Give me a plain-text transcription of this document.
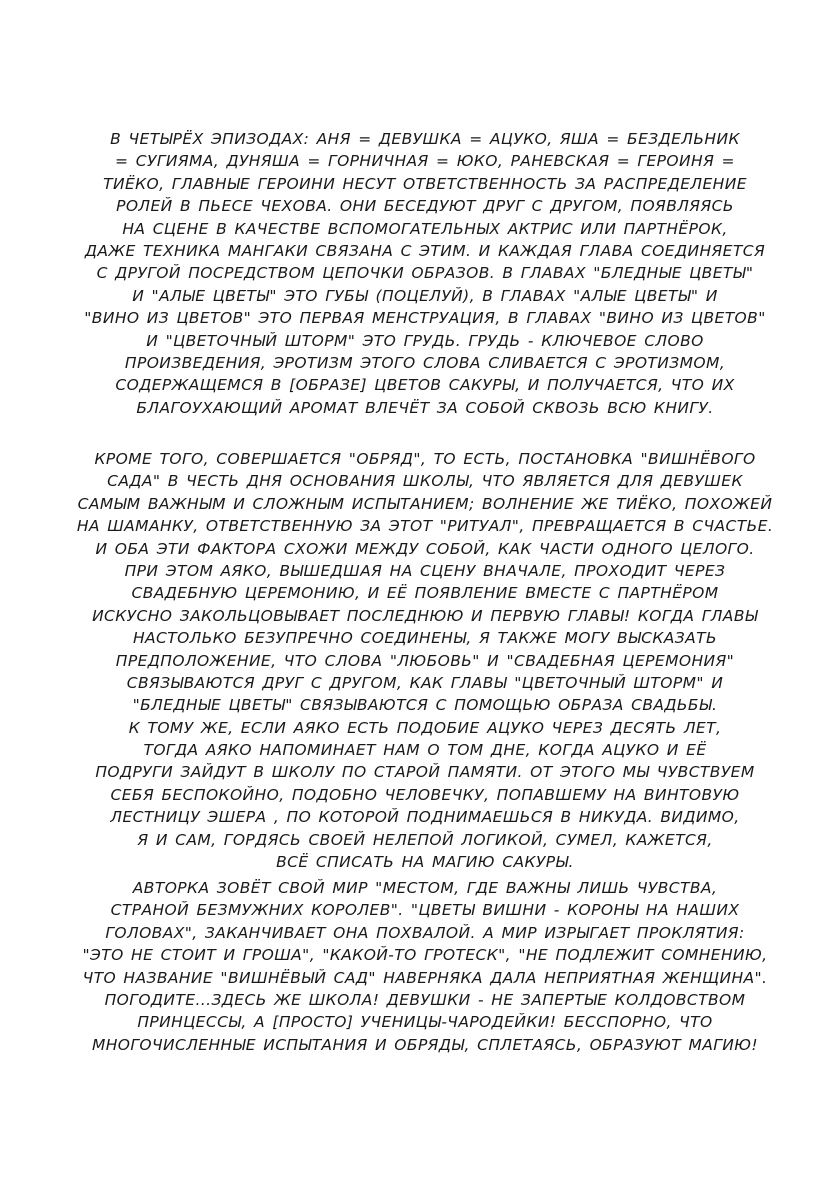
В ЧЕТЫРЁХ ЭПИЗОДАХ: АНЯ = ДЕВУШКА = АЦУКО, ЯША = БЕЗДЕЛЬНИК
= СУГИЯМА, ДУНЯША = ГОРНИЧНАЯ = ЮКО, РАНЕВСКАЯ = ГЕРОИНЯ =
ТИЁКО, ГЛАВНЫЕ ГЕРОИНИ НЕСУТ ОТВЕТСТВЕННОСТЬ ЗА РАСПРЕДЕЛЕНИЕ
РОЛЕЙ В ПЬЕСЕ ЧЕХОВА. ОНИ БЕСЕДУЮТ ДРУГ С ДРУГОМ, ПОЯВЛЯЯСЬ
НА СЦЕНЕ В КАЧЕСТВЕ ВСПОМОГАТЕЛЬНЫХ АКТРИС ИЛИ ПАРТНЁРОК,
ДАЖЕ ТЕХНИКА МАНГАКИ СВЯЗАНА С ЭТИМ. И КАЖДАЯ ГЛАВА СОЕДИНЯЕТСЯ
С ДРУГОЙ ПОСРЕДСТВОМ ЦЕПОЧКИ ОБРАЗОВ. В ГЛАВАХ "БЛЕДНЫЕ ЦВЕТЫ"
И "АЛЫЕ ЦВЕТЫ" ЭТО ГУБЫ (ПОЦЕЛУЙ), В ГЛАВАХ "АЛЫЕ ЦВЕТЫ" И
"ВИНО ИЗ ЦВЕТОВ" ЭТО ПЕРВАЯ МЕНСТРУАЦИЯ, В ГЛАВАХ "ВИНО ИЗ ЦВЕТОВ"
И "ЦВЕТОЧНЫЙ ШТОРМ" ЭТО ГРУДЬ. ГРУДЬ - КЛЮЧЕВОЕ СЛОВО
ПРОИЗВЕДЕНИЯ, ЭРОТИЗМ ЭТОГО СЛОВА СЛИВАЕТСЯ С ЭРОТИЗМОМ,
СОДЕРЖАЩЕМСЯ В [ОБРАЗЕ] ЦВЕТОВ САКУРЫ, И ПОЛУЧАЕТСЯ, ЧТО ИХ
БЛАГОУХАЮЩИЙ АРОМАТ ВЛЕЧЁТ ЗА СОБОЙ СКВОЗЬ ВСЮ КНИГУ.
КРОМЕ ТОГО, СОВЕРШАЕТСЯ "ОБРЯД", ТО ЕСТЬ, ПОСТАНОВКА "ВИШНЁВОГО
САДА" В ЧЕСТЬ ДНЯ ОСНОВАНИЯ ШКОЛЫ, ЧТО ЯВЛЯЕТСЯ ДЛЯ ДЕВУШЕК
САМЫМ ВАЖНЫМ И СЛОЖНЫМ ИСПЫТАНИЕМ; ВОЛНЕНИЕ ЖЕ ТИЁКО, ПОХОЖЕЙ
НА ШАМАНКУ, ОТВЕТСТВЕННУЮ ЗА ЭТОТ "РИТУАЛ", ПРЕВРАЩАЕТСЯ В СЧАСТЬЕ.
И ОБА ЭТИ ФАКТОРА СХОЖИ МЕЖДУ СОБОЙ, КАК ЧАСТИ ОДНОГО ЦЕЛОГО.
ПРИ ЭТОМ АЯКО, ВЫШЕДШАЯ НА СЦЕНУ ВНАЧАЛЕ, ПРОХОДИТ ЧЕРЕЗ
СВАДЕБНУЮ ЦЕРЕМОНИЮ, И ЕЁ ПОЯВЛЕНИЕ ВМЕСТЕ С ПАРТНЁРОМ
ИСКУСНО ЗАКОЛЬЦОВЫВАЕТ ПОСЛЕДНЮЮ И ПЕРВУЮ ГЛАВЫ! КОГДА ГЛАВЫ
НАСТОЛЬКО БЕЗУПРЕЧНО СОЕДИНЕНЫ, Я ТАКЖЕ МОГУ ВЫСКАЗАТЬ
ПРЕДПОЛОЖЕНИЕ, ЧТО СЛОВА "ЛЮБОВЬ" И "СВАДЕБНАЯ ЦЕРЕМОНИЯ"
СВЯЗЫВАЮТСЯ ДРУГ С ДРУГОМ, КАК ГЛАВЫ "ЦВЕТОЧНЫЙ ШТОРМ" И
"БЛЕДНЫЕ ЦВЕТЫ" СВЯЗЫВАЮТСЯ С ПОМОЩЬЮ ОБРАЗА СВАДЬБЫ.
К ТОМУ ЖЕ, ЕСЛИ АЯКО ЕСТЬ ПОДОБИЕ АЦУКО ЧЕРЕЗ ДЕСЯТЬ ЛЕТ,
ТОГДА АЯКО НАПОМИНАЕТ НАМ О ТОМ ДНЕ, КОГДА АЦУКО И ЕЁ
ПОДРУГИ ЗАЙДУТ В ШКОЛУ ПО СТАРОЙ ПАМЯТИ. ОТ ЭТОГО МЫ ЧУВСТВУЕМ
СЕБЯ БЕСПОКОЙНО, ПОДОБНО ЧЕЛОВЕЧКУ, ПОПАВШЕМУ НА ВИНТОВУЮ
ЛЕСТНИЦУ ЭШЕРА , ПО КОТОРОЙ ПОДНИМАЕШЬСЯ В НИКУДА. ВИДИМО,
Я И САМ, ГОРДЯСЬ СВОЕЙ НЕЛЕПОЙ ЛОГИКОЙ, СУМЕЛ, КАЖЕТСЯ,
ВСЁ СПИСАТЬ НА МАГИЮ САКУРЫ.
АВТОРКА ЗОВЁТ СВОЙ МИР "МЕСТОМ, ГДЕ ВАЖНЫ ЛИШЬ ЧУВСТВА,
СТРАНОЙ БЕЗМУЖНИХ КОРОЛЕВ". "ЦВЕТЫ ВИШНИ - КОРОНЫ НА НАШИХ
ГОЛОВАХ", ЗАКАНЧИВАЕТ ОНА ПОХВАЛОЙ. А МИР ИЗРЫГАЕТ ПРОКЛЯТИЯ:
"ЭТО НЕ СТОИТ И ГРОША", "КАКОЙ-ТО ГРОТЕСК", "НЕ ПОДЛЕЖИТ СОМНЕНИЮ,
ЧТО НАЗВАНИЕ "ВИШНЁВЫЙ САД" НАВЕРНЯКА ДАЛА НЕПРИЯТНАЯ ЖЕНЩИНА".
ПОГОДИТЕ...ЗДЕСЬ ЖЕ ШКОЛА! ДЕВУШКИ - НЕ ЗАПЕРТЫЕ КОЛДОВСТВОМ
ПРИНЦЕССЫ, А [ПРОСТО] УЧЕНИЦЫ-ЧАРОДЕЙКИ! БЕССПОРНО, ЧТО
МНОГОЧИСЛЕННЫЕ ИСПЫТАНИЯ И ОБРЯДЫ, СПЛЕТАЯСЬ, ОБРАЗУЮТ МАГИЮ!
